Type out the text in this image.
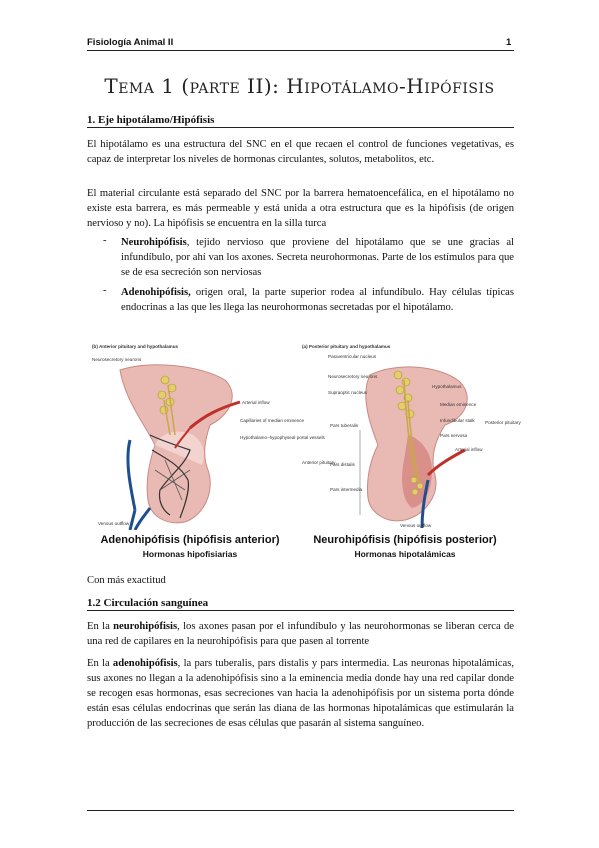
Fisiología Animal II	1
Tema 1 (parte II): Hipotálamo-Hipófisis
1. Eje hipotálamo/Hipófisis
El hipotálamo es una estructura del SNC en el que recaen el control de funciones vegetativas, es capaz de interpretar los niveles de hormonas circulantes, solutos, metabolitos, etc.
El material circulante está separado del SNC por la barrera hematoencefálica, en el hipotálamo no existe esta barrera, es más permeable y está unida a otra estructura que es la hipófisis (de origen nervioso y no). La hipófisis se encuentra en la silla turca
- Neurohipófisis, tejido nervioso que proviene del hipotálamo que se une gracias al infundíbulo, por ahí van los axones. Secreta neurohormonas. Parte de los estímulos para que se de esa secreción son nerviosas
- Adenohipófisis, origen oral, la parte superior rodea al infundíbulo. Hay células típicas endocrinas a las que les llega las neurohormonas secretadas por el hipotálamo.
(b) Anterior pituitary and hypothalamus
Neurosecretory neurons
Arterial inflow
Capillaries of median eminence
Hypothalamo–hypophyseal portal vessels
Venous outflow
(a) Posterior pituitary and hypothalamus
Paraventricular nucleus
Neurosecretory neurons
Supraoptic nucleus
Hypothalamus
Median eminence
Infundibular stalk
Pars nervosa
Arterial inflow
Posterior pituitary
Pars tuberalis
Anterior pituitary
Pars distalis
Pars intermedia
Venous outflow
Adenohipófisis (hipófisis anterior)
Hormonas hipofisiarias
Neurohipófisis (hipófisis posterior)
Hormonas hipotalámicas
Con más exactitud
1.2 Circulación sanguínea
En la neurohipófisis, los axones pasan por el infundíbulo y las neurohormonas se liberan cerca de una red de capilares en la neurohipófisis para que pasen al torrente
En la adenohipófisis, la pars tuberalis, pars distalis y pars intermedia. Las neuronas hipotalámicas, sus axones no llegan a la adenohipófisis sino a la eminencia media donde hay una red capilar donde se recogen esas hormonas, esas secreciones van hacia la adenohipófisis por un sistema porta dónde están esas células endocrinas que serán las diana de las hormonas hipotalámicas que estimularán la producción de las secreciones de esas células que pasarán al sistema sanguíneo.
